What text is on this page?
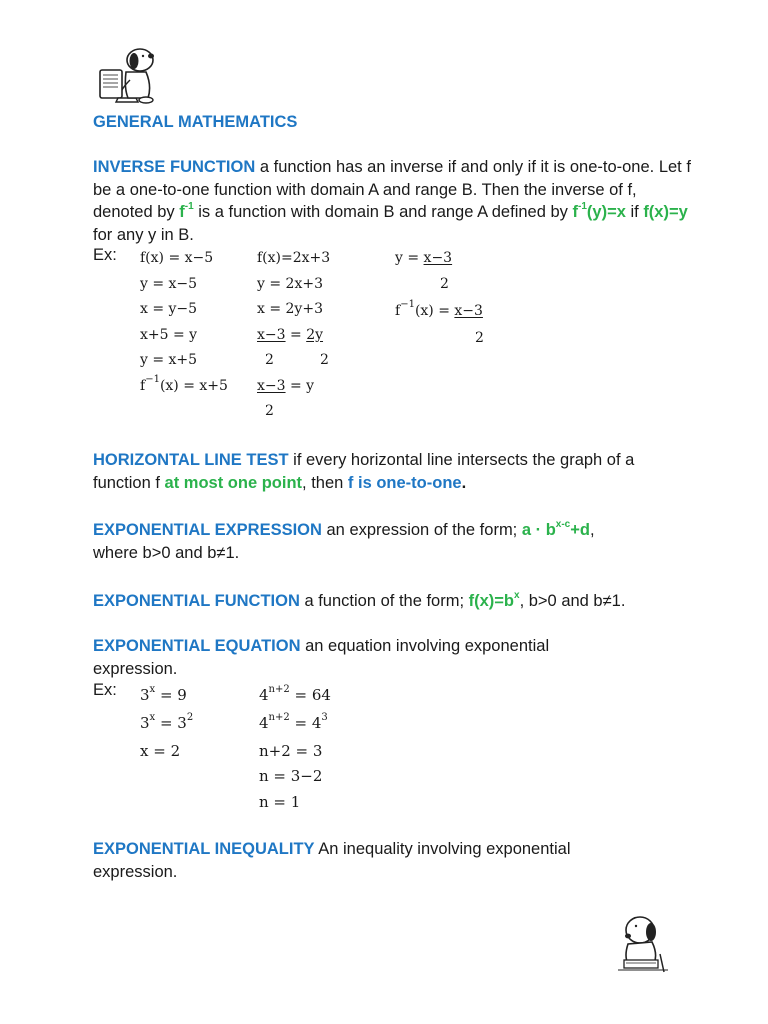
GENERAL MATHEMATICS
INVERSE FUNCTION a function has an inverse if and only if it is one-to-one. Let f be a one-to-one function with domain A and range B. Then the inverse of f, denoted by $f^{-1}$ is a function with domain B and range A defined by $f^{-1}(y)=x$ if f(x)=y for any y in B.
Ex: f(x) = x−5
y = x−5
x = y−5
x+5 = y
y = x+5
$f^{-1}(x) = x+5$
f(x)=2x+3
y = 2x+3
x = 2y+3
x−3 = 2y
2	2
x−3 = y
2
y = x−3
2
$f^{-1}(x) = x-3$
2
HORIZONTAL LINE TEST if every horizontal line intersects the graph of a function f at most one point, then f is one-to-one.
EXPONENTIAL EXPRESSION an expression of the form; $a \cdot b^{x-c}+d$,
where b>0 and b≠1.
EXPONENTIAL FUNCTION a function of the form; $f(x)=b^x$, b>0 and b≠1.
EXPONENTIAL EQUATION an equation involving exponential expression.
Ex: $3^x = 9$
$3^x = 3^2$
x = 2
$4^{n+2} = 64$
$4^{n+2} = 4^3$
n+2 = 3
n = 3−2
n = 1
EXPONENTIAL INEQUALITY An inequality involving exponential expression.
